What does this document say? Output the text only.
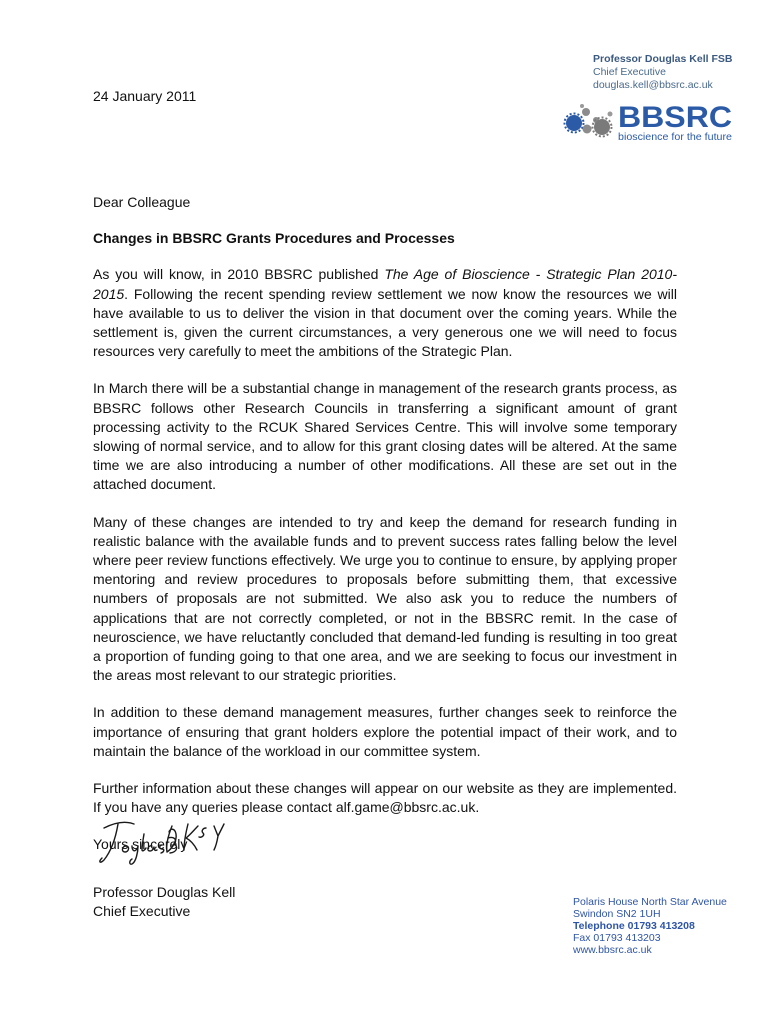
Professor Douglas Kell FSB
Chief Executive
douglas.kell@bbsrc.ac.uk
BBSRC
bioscience for the future
24 January 2011

Dear Colleague

Changes in BBSRC Grants Procedures and Processes

As you will know, in 2010 BBSRC published The Age of Bioscience - Strategic Plan 2010-2015. Following the recent spending review settlement we now know the resources we will have available to us to deliver the vision in that document over the coming years. While the settlement is, given the current circumstances, a very generous one we will need to focus resources very carefully to meet the ambitions of the Strategic Plan.

In March there will be a substantial change in management of the research grants process, as BBSRC follows other Research Councils in transferring a significant amount of grant processing activity to the RCUK Shared Services Centre. This will involve some temporary slowing of normal service, and to allow for this grant closing dates will be altered. At the same time we are also introducing a number of other modifications. All these are set out in the attached document.

Many of these changes are intended to try and keep the demand for research funding in realistic balance with the available funds and to prevent success rates falling below the level where peer review functions effectively. We urge you to continue to ensure, by applying proper mentoring and review procedures to proposals before submitting them, that excessive numbers of proposals are not submitted. We also ask you to reduce the numbers of applications that are not correctly completed, or not in the BBSRC remit. In the case of neuroscience, we have reluctantly concluded that demand-led funding is resulting in too great a proportion of funding going to that one area, and we are seeking to focus our investment in the areas most relevant to our strategic priorities.

In addition to these demand management measures, further changes seek to reinforce the importance of ensuring that grant holders explore the potential impact of their work, and to maintain the balance of the workload in our committee system.

Further information about these changes will appear on our website as they are implemented. If you have any queries please contact alf.game@bbsrc.ac.uk.

Yours sincerely

Professor Douglas Kell
Chief Executive
Polaris House North Star Avenue
Swindon SN2 1UH
Telephone 01793 413208
Fax 01793 413203
www.bbsrc.ac.uk
